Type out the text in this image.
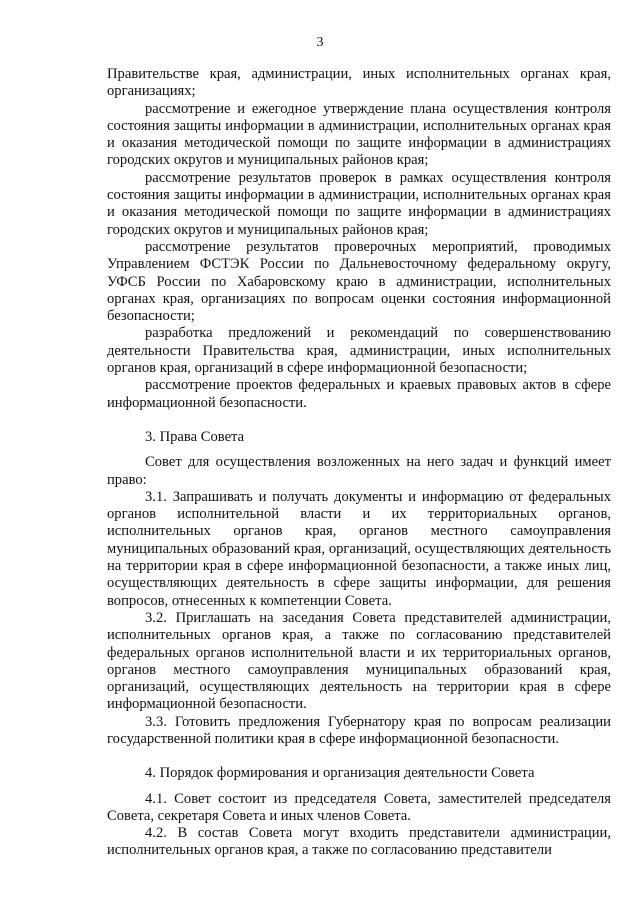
3

Правительстве края, администрации, иных исполнительных органах края, организациях;

рассмотрение и ежегодное утверждение плана осуществления контроля состояния защиты информации в администрации, исполнительных органах края и оказания методической помощи по защите информации в администрациях городских округов и муниципальных районов края;

рассмотрение результатов проверок в рамках осуществления контроля состояния защиты информации в администрации, исполнительных органах края и оказания методической помощи по защите информации в администрациях городских округов и муниципальных районов края;

рассмотрение результатов проверочных мероприятий, проводимых Управлением ФСТЭК России по Дальневосточному федеральному округу, УФСБ России по Хабаровскому краю в администрации, исполнительных органах края, организациях по вопросам оценки состояния информационной безопасности;

разработка предложений и рекомендаций по совершенствованию деятельности Правительства края, администрации, иных исполнительных органов края, организаций в сфере информационной безопасности;

рассмотрение проектов федеральных и краевых правовых актов в сфере информационной безопасности.

3. Права Совета

Совет для осуществления возложенных на него задач и функций имеет право:

3.1. Запрашивать и получать документы и информацию от федеральных органов исполнительной власти и их территориальных органов, исполнительных органов края, органов местного самоуправления муниципальных образований края, организаций, осуществляющих деятельность на территории края в сфере информационной безопасности, а также иных лиц, осуществляющих деятельность в сфере защиты информации, для решения вопросов, отнесенных к компетенции Совета.

3.2. Приглашать на заседания Совета представителей администрации, исполнительных органов края, а также по согласованию представителей федеральных органов исполнительной власти и их территориальных органов, органов местного самоуправления муниципальных образований края, организаций, осуществляющих деятельность на территории края в сфере информационной безопасности.

3.3. Готовить предложения Губернатору края по вопросам реализации государственной политики края в сфере информационной безопасности.

4. Порядок формирования и организация деятельности Совета

4.1. Совет состоит из председателя Совета, заместителей председателя Совета, секретаря Совета и иных членов Совета.

4.2. В состав Совета могут входить представители администрации, исполнительных органов края, а также по согласованию представители
